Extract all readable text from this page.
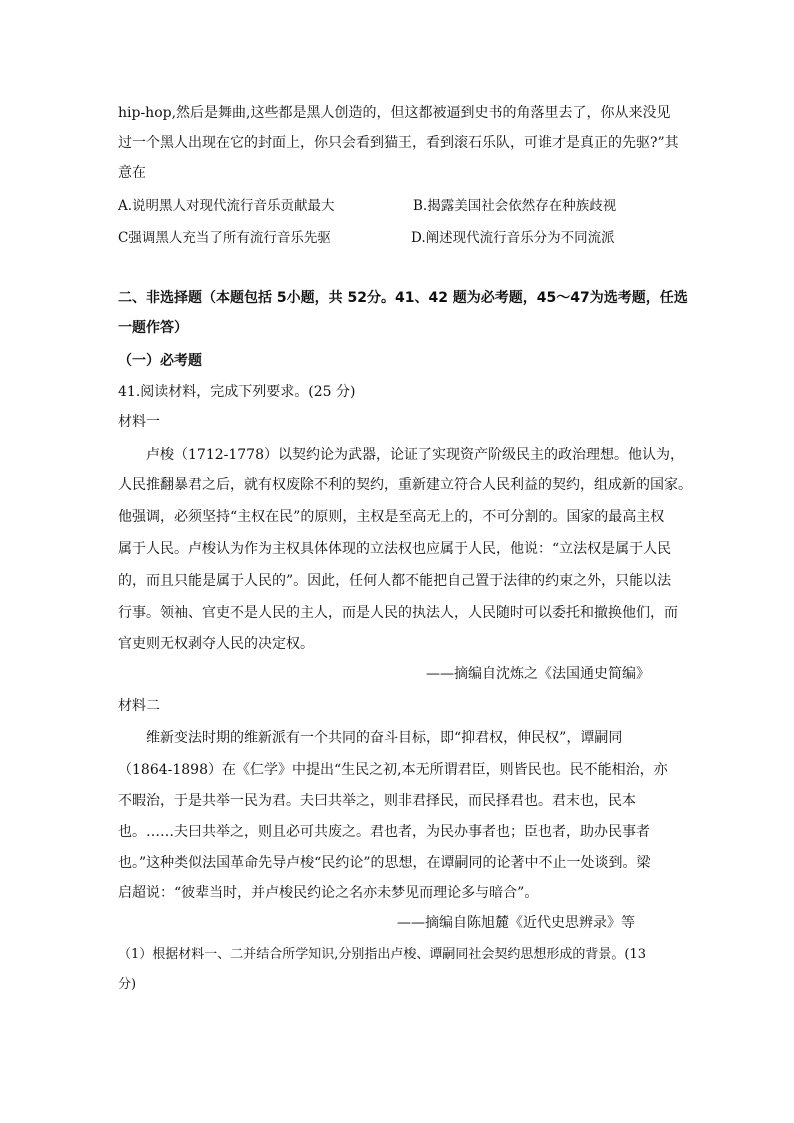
hip-hop,然后是舞曲,这些都是黑人创造的，但这都被逼到史书的角落里去了，你从来没见
过一个黑人出现在它的封面上，你只会看到猫王，看到滚石乐队，可谁才是真正的先驱?”其
意在
A.说明黑人对现代流行音乐贡献最大	B.揭露美国社会依然存在种族歧视
C强调黑人充当了所有流行音乐先驱	D.阐述现代流行音乐分为不同流派
二、非选择题（本题包括 5小题，共 52分。41、42 题为必考题，45～47为选考题，任选
一题作答）
（一）必考题
41.阅读材料，完成下列要求。(25 分)
材料一
卢梭（1712-1778）以契约论为武器，论证了实现资产阶级民主的政治理想。他认为，
人民推翻暴君之后，就有权废除不利的契约，重新建立符合人民利益的契约，组成新的国家。
他强调，必须坚持“主权在民”的原则，主权是至高无上的，不可分割的。国家的最高主权
属于人民。卢梭认为作为主权具体体现的立法权也应属于人民，他说：“立法权是属于人民
的，而且只能是属于人民的”。因此，任何人都不能把自己置于法律的约束之外，只能以法
行事。领袖、官吏不是人民的主人，而是人民的执法人，人民随时可以委托和撤换他们，而
官吏则无权剥夺人民的决定权。
——摘编自沈炼之《法国通史简编》
材料二
维新变法时期的维新派有一个共同的奋斗目标，即“抑君权，伸民权”，谭嗣同
（1864-1898）在《仁学》中提出“生民之初,本无所谓君臣，则皆民也。民不能相治，亦
不暇治，于是共举一民为君。夫曰共举之，则非君择民，而民择君也。君末也，民本
也。……夫曰共举之，则且必可共废之。君也者，为民办事者也；臣也者，助办民事者
也。”这种类似法国革命先导卢梭“民约论”的思想，在谭嗣同的论著中不止一处谈到。梁
启超说：“彼辈当时，并卢梭民约论之名亦未梦见而理论多与暗合”。
——摘编自陈旭麓《近代史思辨录》等
（1）根据材料一、二并结合所学知识,分别指出卢梭、谭嗣同社会契约思想形成的背景。(13
分)
